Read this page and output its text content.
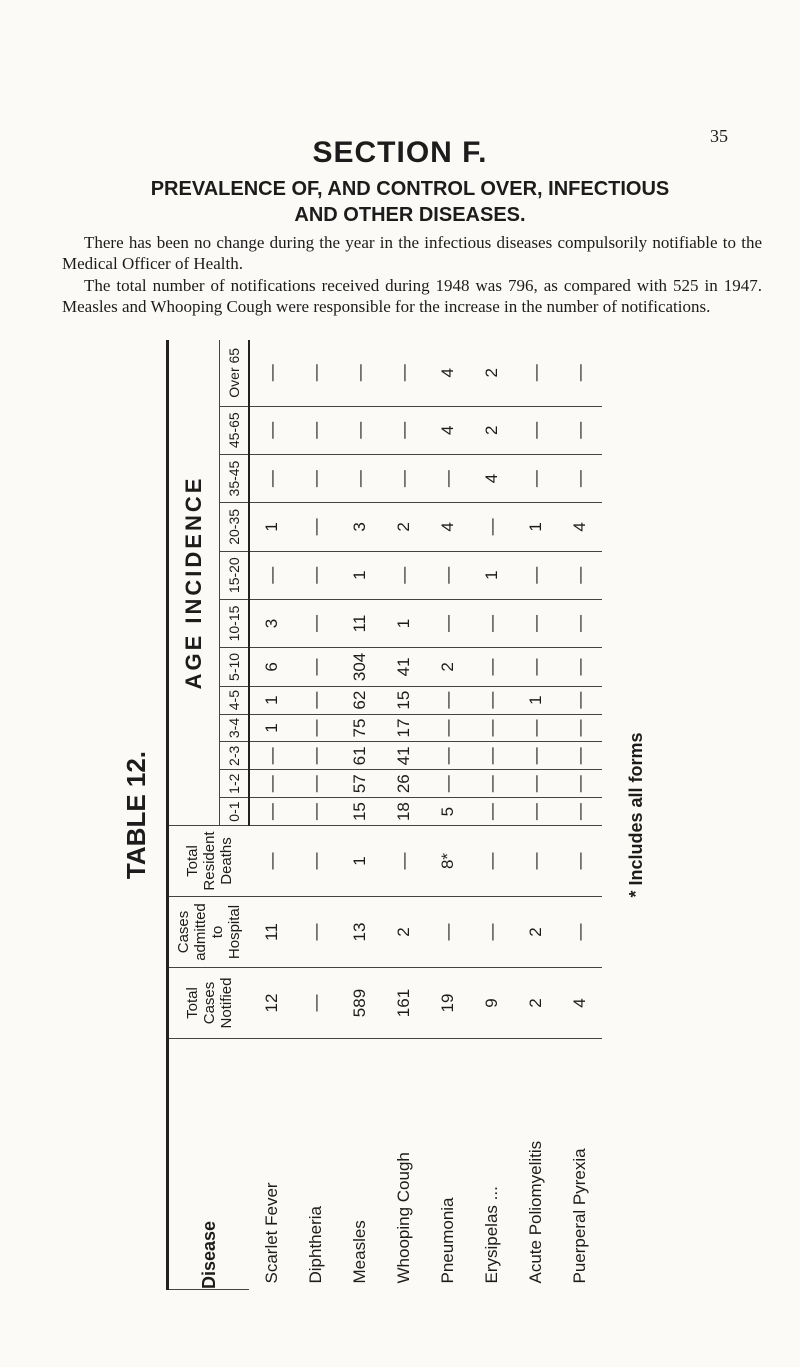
35
SECTION F.
PREVALENCE OF, AND CONTROL OVER, INFECTIOUS
AND OTHER DISEASES.
There has been no change during the year in the infectious diseases compulsorily notifiable to the Medical Officer of Health.
The total number of notifications received during 1948 was 796, as compared with 525 in 1947. Measles and Whooping Cough were responsible for the increase in the number of notifications.
TABLE 12.
Disease	Total Cases Notified	Cases admitted to Hospital	Total Resident Deaths	AGE INCIDENCE											
				0-1	1-2	2-3	3-4	4-5	5-10	10-15	15-20	20-35	35-45	45-65	Over 65
Scarlet Fever	12	11	—	—	—	—	1	1	6	3	—	1	—	—	—
Diphtheria	—	—	—	—	—	—	—	—	—	—	—	—	—	—	—
Measles	589	13	1	15	57	61	75	62	304	11	1	3	—	—	—
Whooping Cough	161	2	—	18	26	41	17	15	41	1	—	2	—	—	—
Pneumonia	19	—	8*	5	—	—	—	—	2	—	—	4	—	4	4
Erysipelas ...	9	—	—	—	—	—	—	—	—	—	1	—	4	2	2
Acute Poliomyelitis	2	2	—	—	—	—	—	1	—	—	—	1	—	—	—
Puerperal Pyrexia	4	—	—	—	—	—	—	—	—	—	—	4	—	—	—
* Includes all forms
